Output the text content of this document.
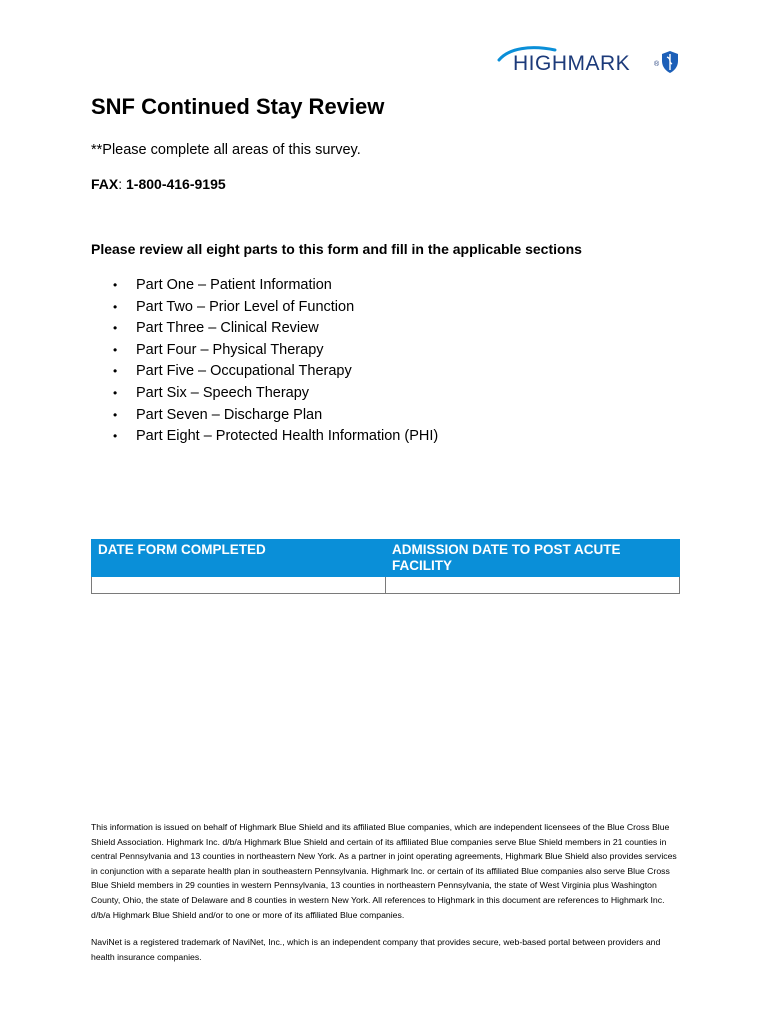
HIGHMARK	®
SNF Continued Stay Review
**Please complete all areas of this survey.
FAX: 1-800-416-9195
Please review all eight parts to this form and fill in the applicable sections
• Part One – Patient Information
• Part Two – Prior Level of Function
• Part Three – Clinical Review
• Part Four – Physical Therapy
• Part Five – Occupational Therapy
• Part Six – Speech Therapy
• Part Seven – Discharge Plan
• Part Eight – Protected Health Information (PHI)
DATE FORM COMPLETED	ADMISSION DATE TO POST ACUTE FACILITY

This information is issued on behalf of Highmark Blue Shield and its affiliated Blue companies, which are independent licensees of the Blue Cross Blue Shield Association. Highmark Inc. d/b/a Highmark Blue Shield and certain of its affiliated Blue companies serve Blue Shield members in 21 counties in central Pennsylvania and 13 counties in northeastern New York. As a partner in joint operating agreements, Highmark Blue Shield also provides services in conjunction with a separate health plan in southeastern Pennsylvania. Highmark Inc. or certain of its affiliated Blue companies also serve Blue Cross Blue Shield members in 29 counties in western Pennsylvania, 13 counties in northeastern Pennsylvania, the state of West Virginia plus Washington County, Ohio, the state of Delaware and 8 counties in western New York. All references to Highmark in this document are references to Highmark Inc. d/b/a Highmark Blue Shield and/or to one or more of its affiliated Blue companies.

NaviNet is a registered trademark of NaviNet, Inc., which is an independent company that provides secure, web-based portal between providers and health insurance companies.
